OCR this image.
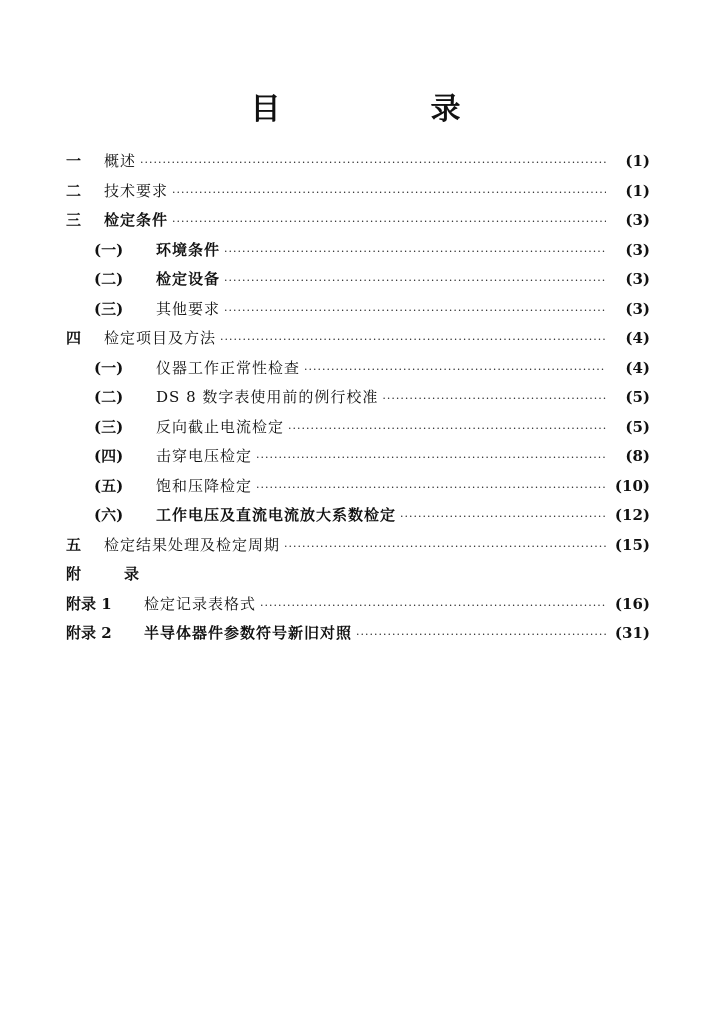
目　录
一	概述 ·····	(1)
二	技术要求 ·····	(1)
三	检定条件 ·····	(3)
(一)	环境条件 ·····	(3)
(二)	检定设备 ·····	(3)
(三)	其他要求 ·····	(3)
四	检定项目及方法 ·····	(4)
(一)	仪器工作正常性检查 ·····	(4)
(二)	DS 8 数字表使用前的例行校准 ·····	(5)
(三)	反向截止电流检定 ·····	(5)
(四)	击穿电压检定 ·····	(8)
(五)	饱和压降检定 ·····	(10)
(六)	工作电压及直流电流放大系数检定 ·····	(12)
五	检定结果处理及检定周期 ·····	(15)
附　录
附录 1	检定记录表格式 ·····	(16)
附录 2	半导体器件参数符号新旧对照 ·····	(31)
